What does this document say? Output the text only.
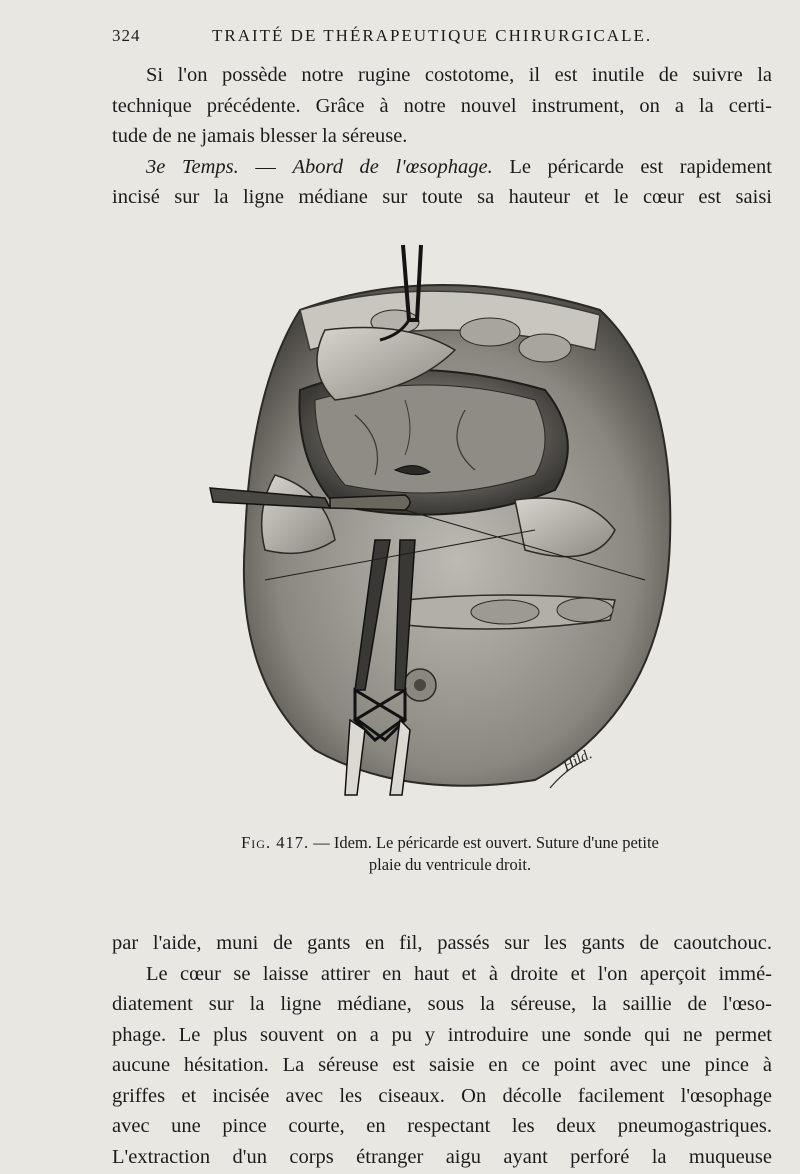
324	TRAITÉ DE THÉRAPEUTIQUE CHIRURGICALE.
Si l'on possède notre rugine costotome, il est inutile de suivre la
technique précédente. Grâce à notre nouvel instrument, on a la certi-
tude de ne jamais blesser la séreuse.
3e Temps. — Abord de l'œsophage. Le péricarde est rapidement
incisé sur la ligne médiane sur toute sa hauteur et le cœur est saisi
Hild.
Fig. 417. — Idem. Le péricarde est ouvert. Suture d'une petite
plaie du ventricule droit.
par l'aide, muni de gants en fil, passés sur les gants de caoutchouc.
Le cœur se laisse attirer en haut et à droite et l'on aperçoit immé-
diatement sur la ligne médiane, sous la séreuse, la saillie de l'œso-
phage. Le plus souvent on a pu y introduire une sonde qui ne permet
aucune hésitation. La séreuse est saisie en ce point avec une pince à
griffes et incisée avec les ciseaux. On décolle facilement l'œsophage
avec une pince courte, en respectant les deux pneumogastriques.
L'extraction d'un corps étranger aigu ayant perforé la muqueuse
